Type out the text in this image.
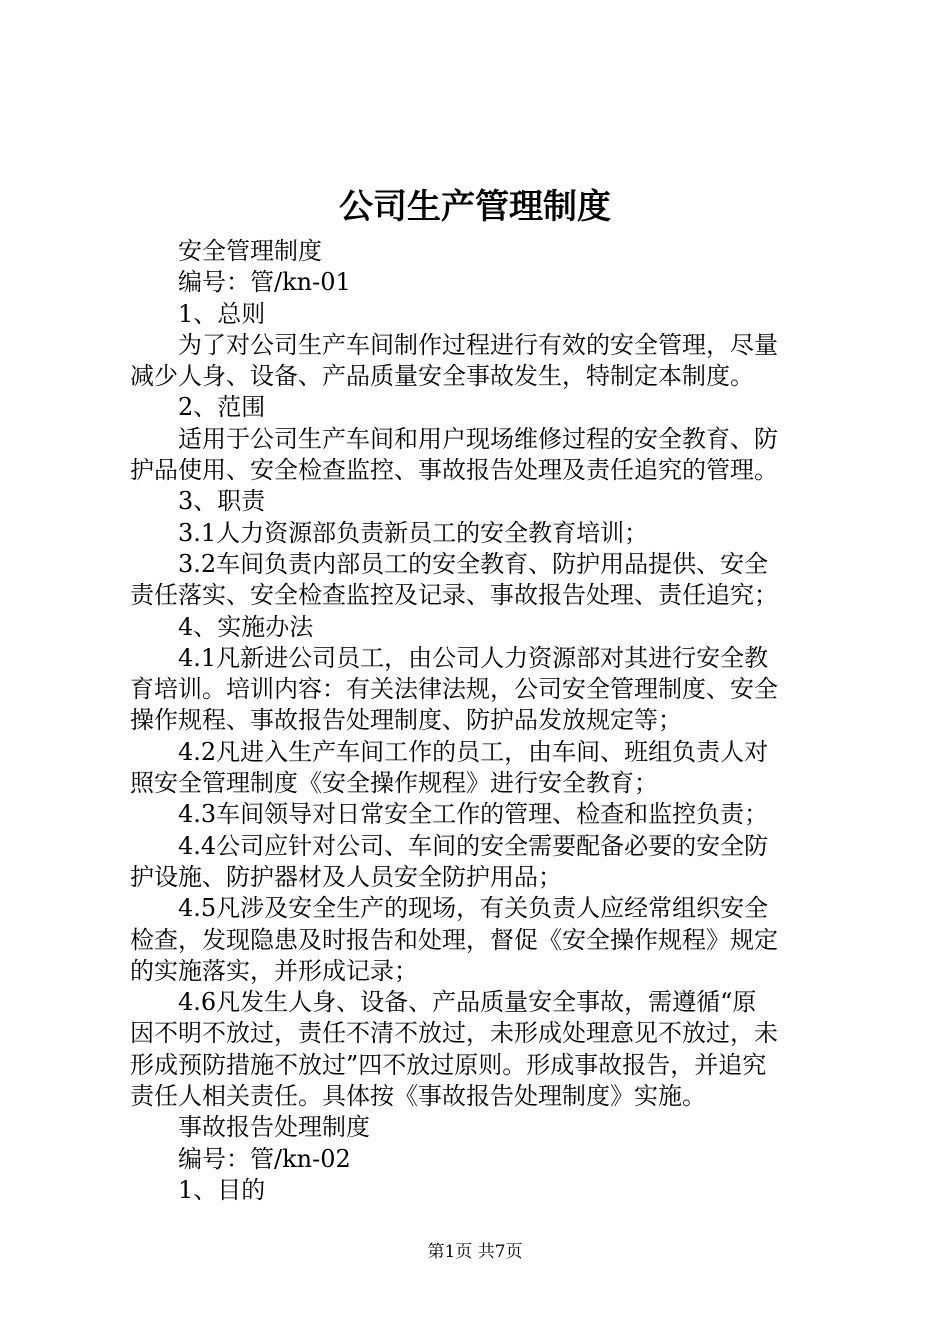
公司生产管理制度
安全管理制度
编号：管/kn-01
1、总则
为了对公司生产车间制作过程进行有效的安全管理，尽量
减少人身、设备、产品质量安全事故发生，特制定本制度。
2、范围
适用于公司生产车间和用户现场维修过程的安全教育、防
护品使用、安全检查监控、事故报告处理及责任追究的管理。
3、职责
3.1人力资源部负责新员工的安全教育培训；
3.2车间负责内部员工的安全教育、防护用品提供、安全
责任落实、安全检查监控及记录、事故报告处理、责任追究；
4、实施办法
4.1凡新进公司员工，由公司人力资源部对其进行安全教
育培训。培训内容：有关法律法规，公司安全管理制度、安全
操作规程、事故报告处理制度、防护品发放规定等；
4.2凡进入生产车间工作的员工，由车间、班组负责人对
照安全管理制度《安全操作规程》进行安全教育；
4.3车间领导对日常安全工作的管理、检查和监控负责；
4.4公司应针对公司、车间的安全需要配备必要的安全防
护设施、防护器材及人员安全防护用品；
4.5凡涉及安全生产的现场，有关负责人应经常组织安全
检查，发现隐患及时报告和处理，督促《安全操作规程》规定
的实施落实，并形成记录；
4.6凡发生人身、设备、产品质量安全事故，需遵循“原
因不明不放过，责任不清不放过，未形成处理意见不放过，未
形成预防措施不放过”四不放过原则。形成事故报告，并追究
责任人相关责任。具体按《事故报告处理制度》实施。
事故报告处理制度
编号：管/kn-02
1、目的
第1页 共7页
